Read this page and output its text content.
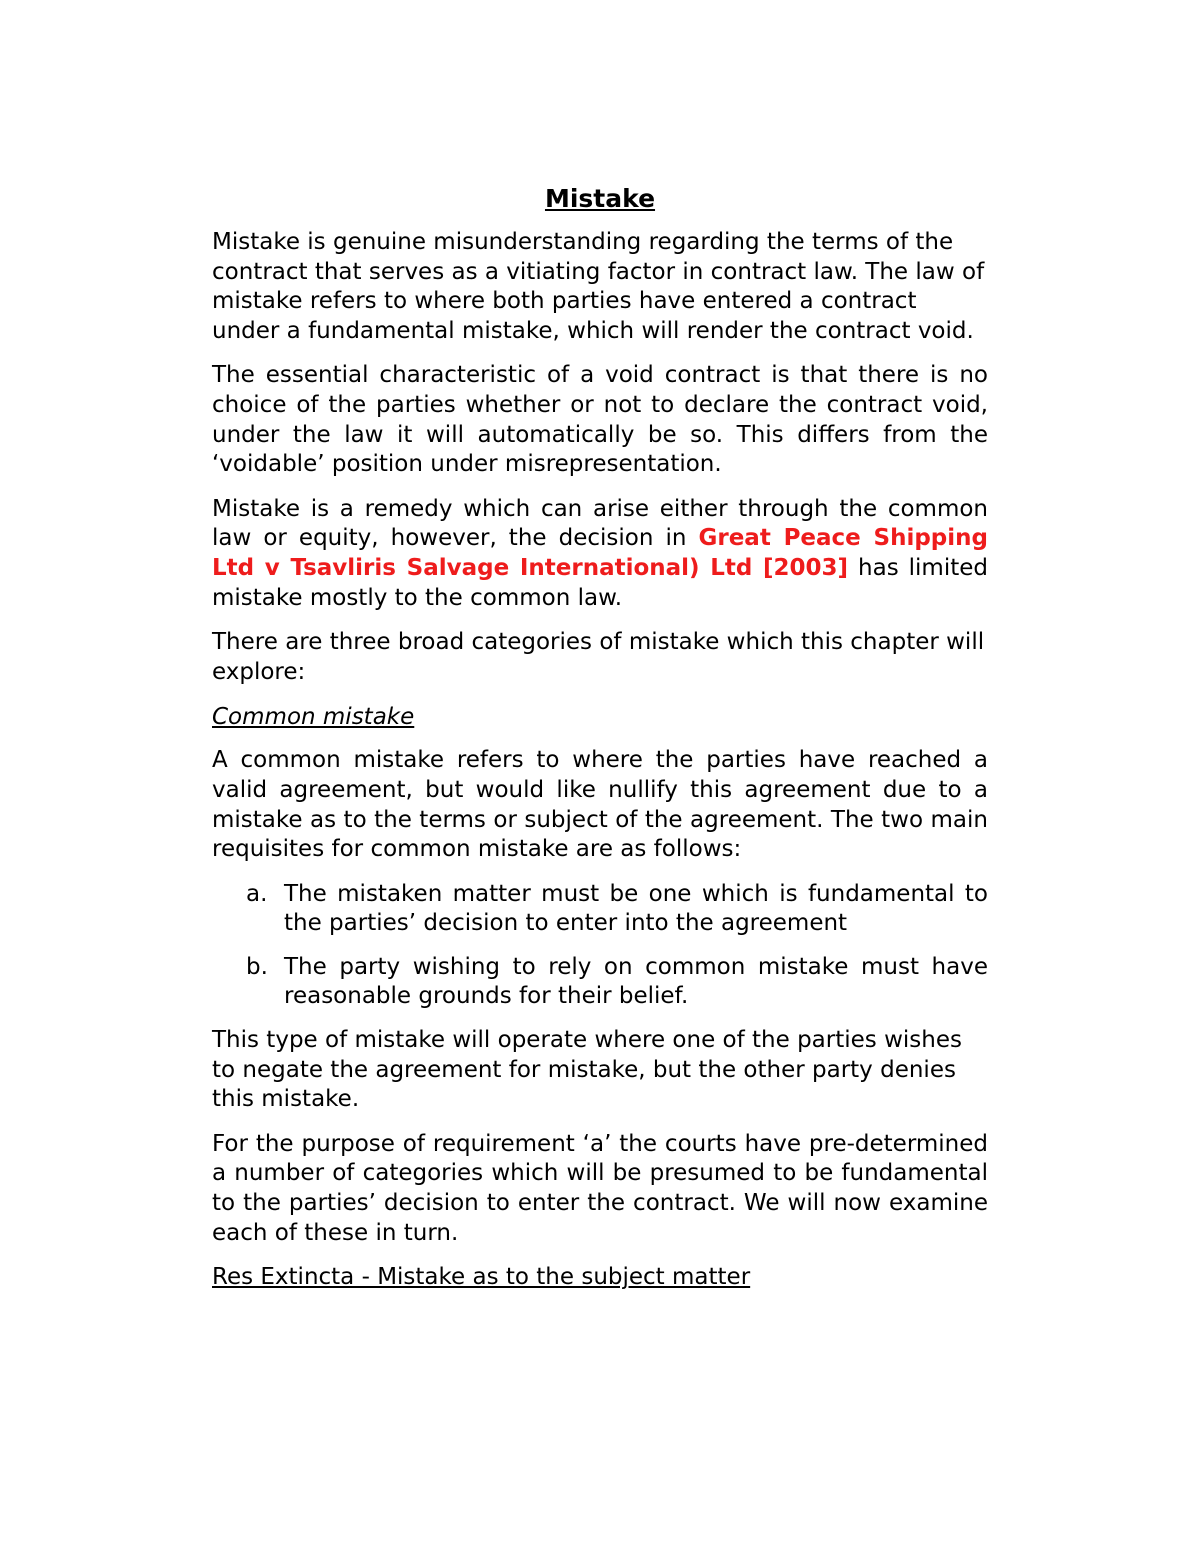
Mistake

Mistake is genuine misunderstanding regarding the terms of the contract that serves as a vitiating factor in contract law. The law of mistake refers to where both parties have entered a contract under a fundamental mistake, which will render the contract void.

The essential characteristic of a void contract is that there is no choice of the parties whether or not to declare the contract void, under the law it will automatically be so. This differs from the ‘voidable’ position under misrepresentation.

Mistake is a remedy which can arise either through the common law or equity, however, the decision in Great Peace Shipping Ltd v Tsavliris Salvage International) Ltd [2003] has limited mistake mostly to the common law.

There are three broad categories of mistake which this chapter will explore:

Common mistake

A common mistake refers to where the parties have reached a valid agreement, but would like nullify this agreement due to a mistake as to the terms or subject of the agreement. The two main requisites for common mistake are as follows:

a. The mistaken matter must be one which is fundamental to the parties’ decision to enter into the agreement
b. The party wishing to rely on common mistake must have reasonable grounds for their belief.

This type of mistake will operate where one of the parties wishes to negate the agreement for mistake, but the other party denies this mistake.

For the purpose of requirement ‘a’ the courts have pre-determined a number of categories which will be presumed to be fundamental to the parties’ decision to enter the contract. We will now examine each of these in turn.

Res Extincta - Mistake as to the subject matter
